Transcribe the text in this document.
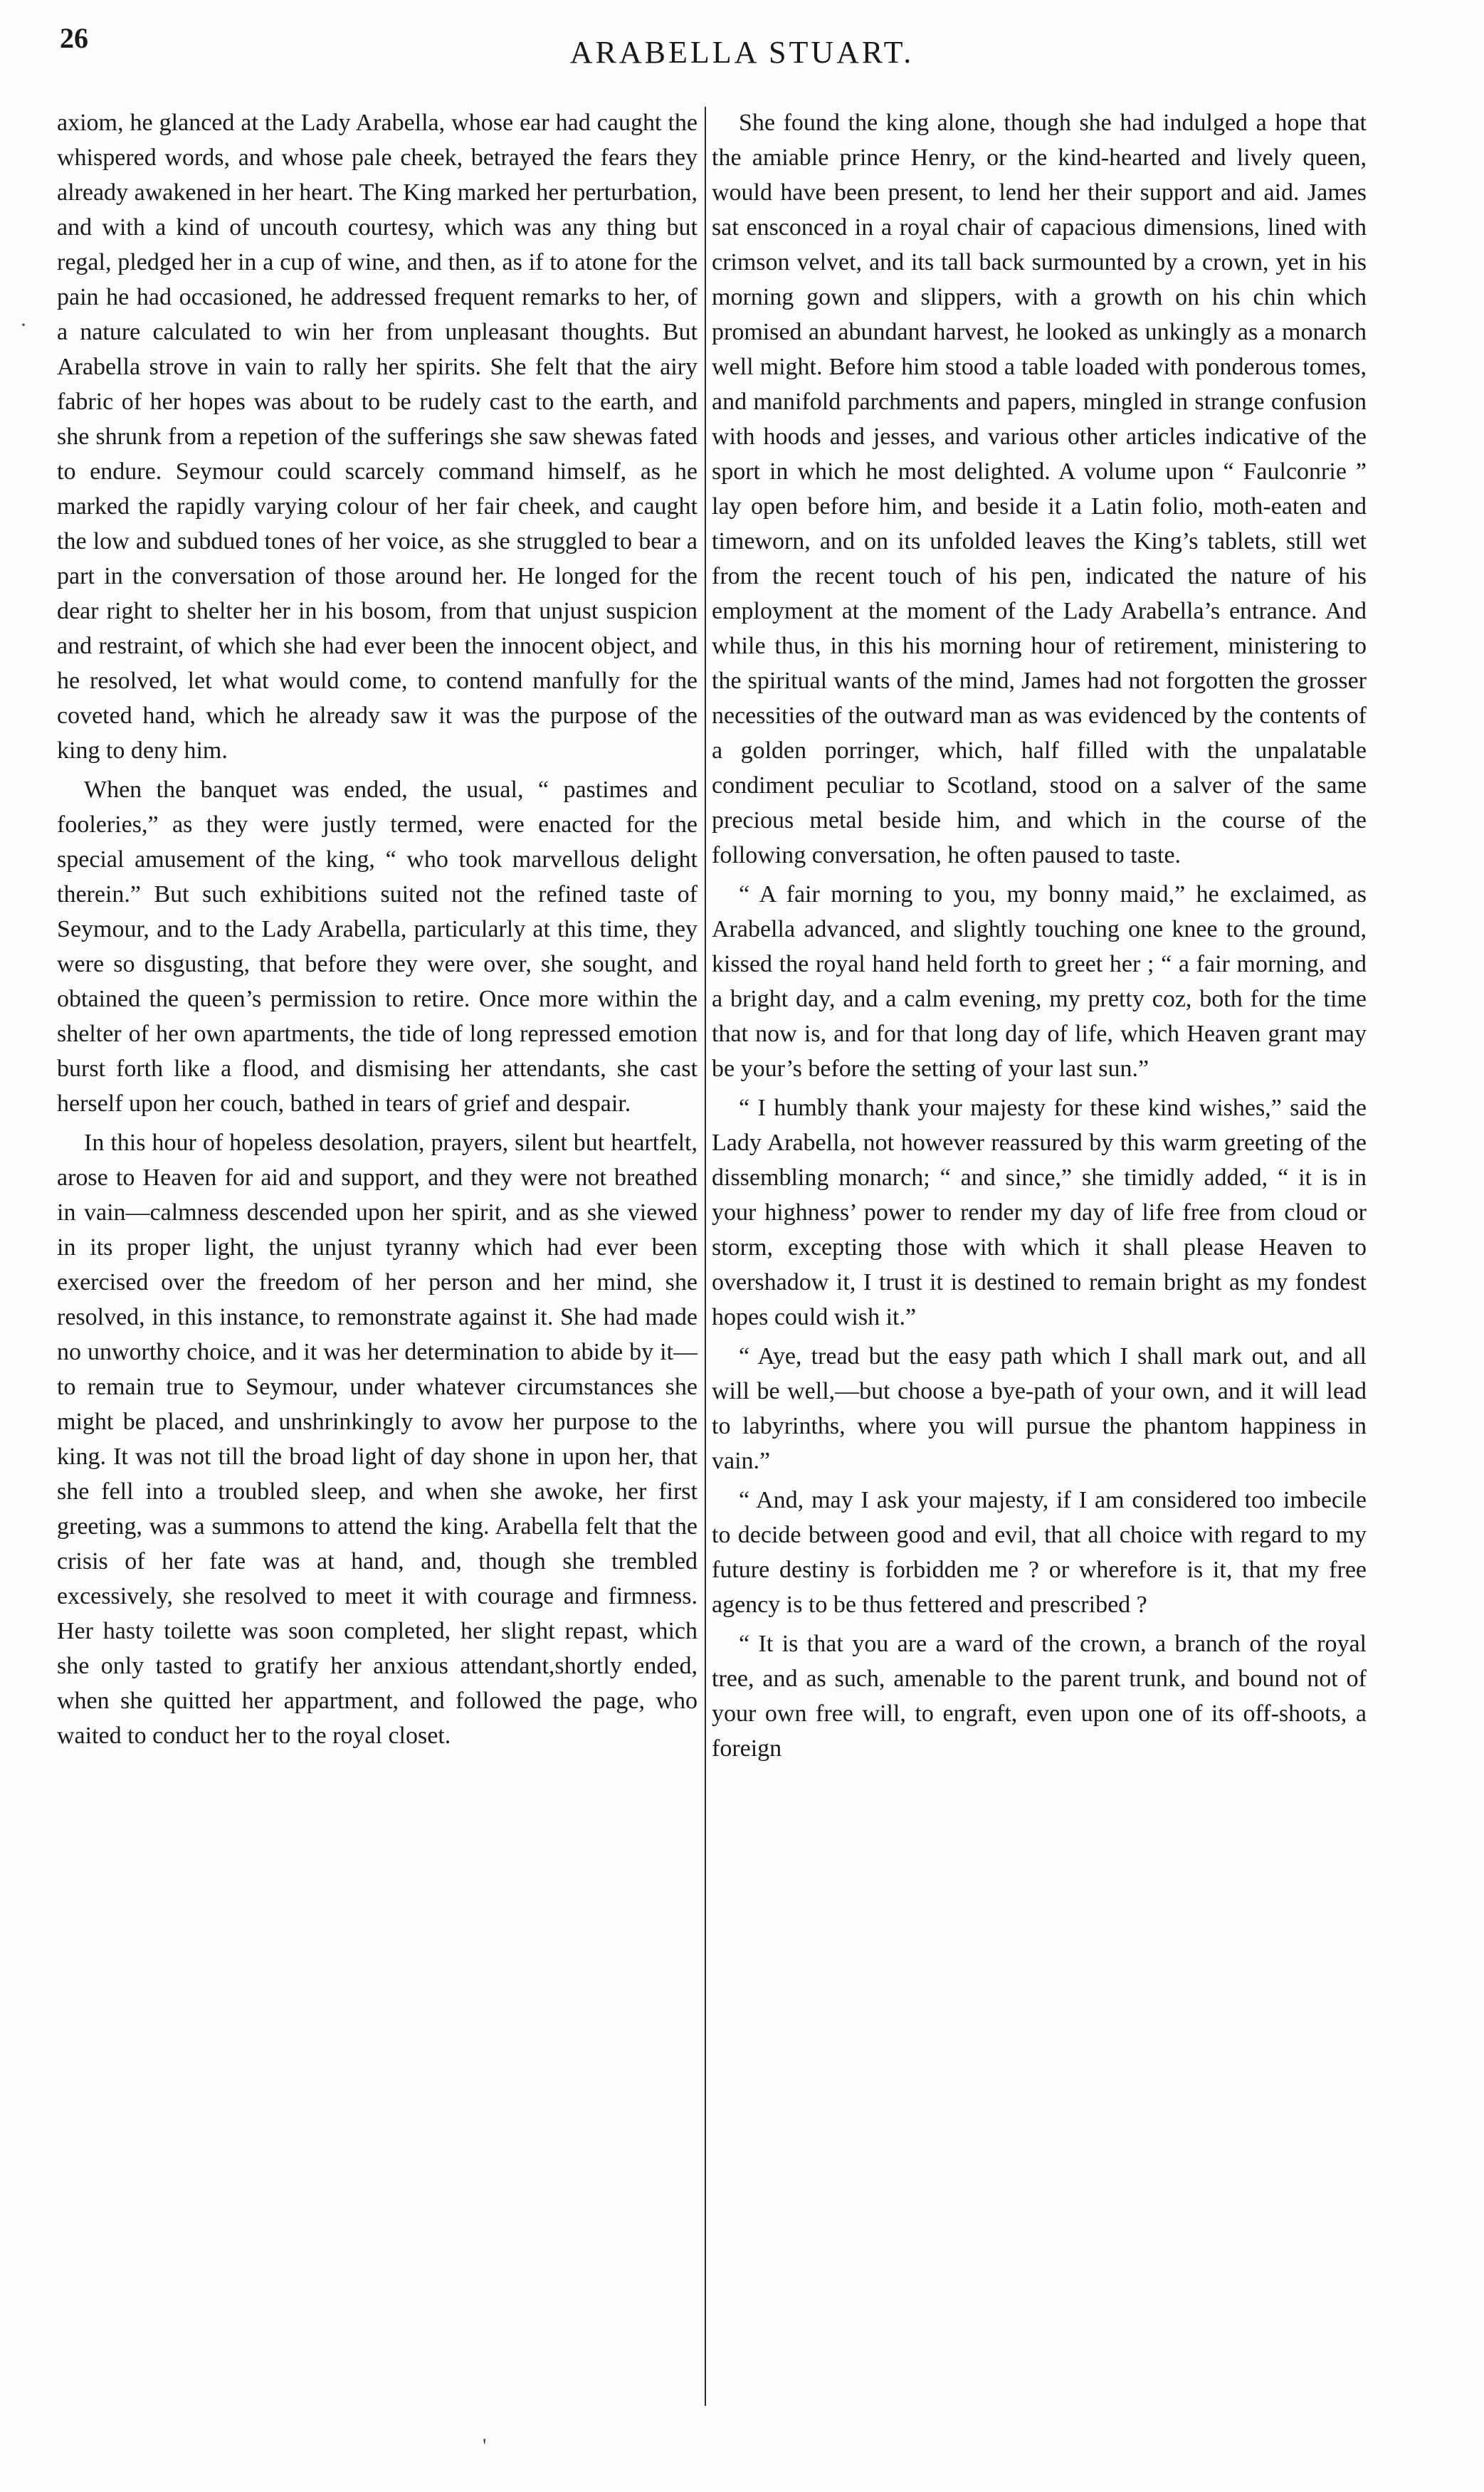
26	ARABELLA STUART.

axiom, he glanced at the Lady Arabella, whose ear had caught the whispered words, and whose pale cheek, betrayed the fears they already awakened in her heart. The King marked her perturbation, and with a kind of uncouth courtesy, which was any thing but regal, pledged her in a cup of wine, and then, as if to atone for the pain he had occasioned, he addressed frequent remarks to her, of a nature calculated to win her from unpleasant thoughts. But Arabella strove in vain to rally her spirits. She felt that the airy fabric of her hopes was about to be rudely cast to the earth, and she shrunk from a repetion of the sufferings she saw shewas fated to endure. Seymour could scarcely command himself, as he marked the rapidly varying colour of her fair cheek, and caught the low and subdued tones of her voice, as she struggled to bear a part in the conversation of those around her. He longed for the dear right to shelter her in his bosom, from that unjust suspicion and restraint, of which she had ever been the innocent object, and he resolved, let what would come, to contend manfully for the coveted hand, which he already saw it was the purpose of the king to deny him.

When the banquet was ended, the usual, “ pastimes and fooleries,” as they were justly termed, were enacted for the special amusement of the king, “ who took marvellous delight therein.” But such exhibitions suited not the refined taste of Seymour, and to the Lady Arabella, particularly at this time, they were so disgusting, that before they were over, she sought, and obtained the queen’s permission to retire. Once more within the shelter of her own apartments, the tide of long repressed emotion burst forth like a flood, and dismising her attendants, she cast herself upon her couch, bathed in tears of grief and despair.

In this hour of hopeless desolation, prayers, silent but heartfelt, arose to Heaven for aid and support, and they were not breathed in vain—calmness descended upon her spirit, and as she viewed in its proper light, the unjust tyranny which had ever been exercised over the freedom of her person and her mind, she resolved, in this instance, to remonstrate against it. She had made no unworthy choice, and it was her determination to abide by it—to remain true to Seymour, under whatever circumstances she might be placed, and unshrinkingly to avow her purpose to the king. It was not till the broad light of day shone in upon her, that she fell into a troubled sleep, and when she awoke, her first greeting, was a summons to attend the king. Arabella felt that the crisis of her fate was at hand, and, though she trembled excessively, she resolved to meet it with courage and firmness. Her hasty toilette was soon completed, her slight repast, which she only tasted to gratify her anxious attendant,shortly ended, when she quitted her appartment, and followed the page, who waited to conduct her to the royal closet.

She found the king alone, though she had indulged a hope that the amiable prince Henry, or the kind-hearted and lively queen, would have been present, to lend her their support and aid. James sat ensconced in a royal chair of capacious dimensions, lined with crimson velvet, and its tall back surmounted by a crown, yet in his morning gown and slippers, with a growth on his chin which promised an abundant harvest, he looked as unkingly as a monarch well might. Before him stood a table loaded with ponderous tomes, and manifold parchments and papers, mingled in strange confusion with hoods and jesses, and various other articles indicative of the sport in which he most delighted. A volume upon “ Faulconrie ” lay open before him, and beside it a Latin folio, moth-eaten and timeworn, and on its unfolded leaves the King’s tablets, still wet from the recent touch of his pen, indicated the nature of his employment at the moment of the Lady Arabella’s entrance. And while thus, in this his morning hour of retirement, ministering to the spiritual wants of the mind, James had not forgotten the grosser necessities of the outward man as was evidenced by the contents of a golden porringer, which, half filled with the unpalatable condiment peculiar to Scotland, stood on a salver of the same precious metal beside him, and which in the course of the following conversation, he often paused to taste.

“ A fair morning to you, my bonny maid,” he exclaimed, as Arabella advanced, and slightly touching one knee to the ground, kissed the royal hand held forth to greet her ; “ a fair morning, and a bright day, and a calm evening, my pretty coz, both for the time that now is, and for that long day of life, which Heaven grant may be your’s before the setting of your last sun.”

“ I humbly thank your majesty for these kind wishes,” said the Lady Arabella, not however reassured by this warm greeting of the dissembling monarch; “ and since,” she timidly added, “ it is in your highness’ power to render my day of life free from cloud or storm, excepting those with which it shall please Heaven to overshadow it, I trust it is destined to remain bright as my fondest hopes could wish it.”

“ Aye, tread but the easy path which I shall mark out, and all will be well,—but choose a bye-path of your own, and it will lead to labyrinths, where you will pursue the phantom happiness in vain.”

“ And, may I ask your majesty, if I am considered too imbecile to decide between good and evil, that all choice with regard to my future destiny is forbidden me ? or wherefore is it, that my free agency is to be thus fettered and prescribed ?

“ It is that you are a ward of the crown, a branch of the royal tree, and as such, amenable to the parent trunk, and bound not of your own free will, to engraft, even upon one of its off-shoots, a foreign

·
'
